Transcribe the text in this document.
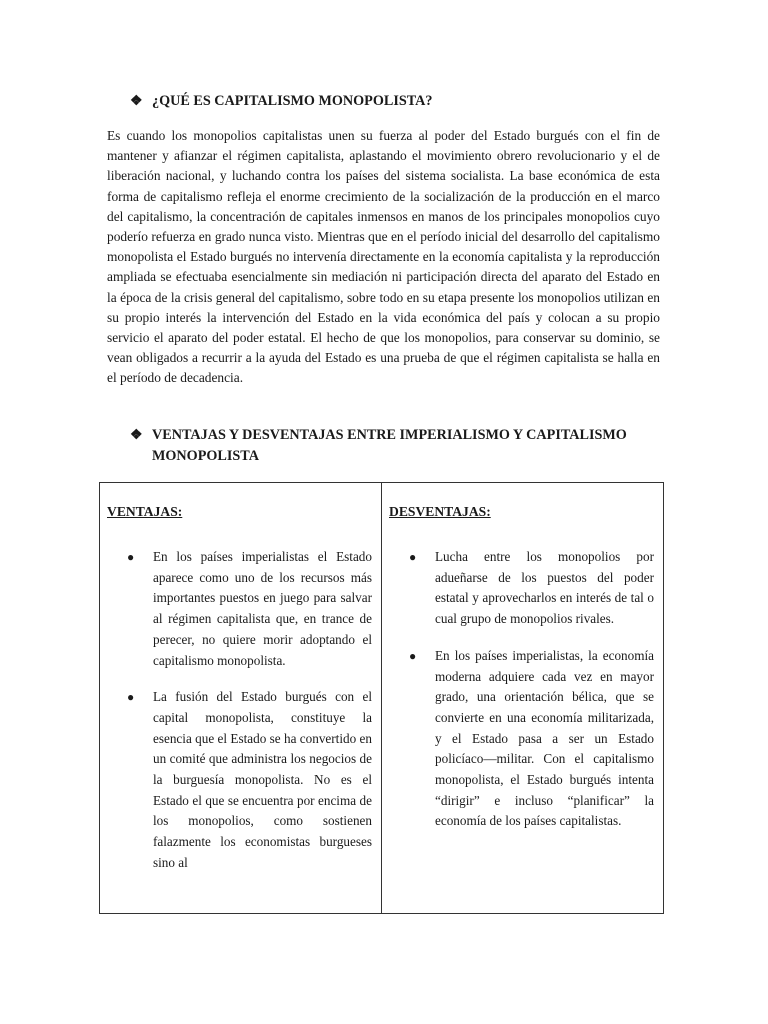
❖ ¿QUÉ ES CAPITALISMO MONOPOLISTA?

Es cuando los monopolios capitalistas unen su fuerza al poder del Estado burgués con el fin de mantener y afianzar el régimen capitalista, aplastando el movimiento obrero revolucionario y el de liberación nacional, y luchando contra los países del sistema socialista. La base económica de esta forma de capitalismo refleja el enorme crecimiento de la socialización de la producción en el marco del capitalismo, la concentración de capitales inmensos en manos de los principales monopolios cuyo poderío refuerza en grado nunca visto. Mientras que en el período inicial del desarrollo del capitalismo monopolista el Estado burgués no intervenía directamente en la economía capitalista y la reproducción ampliada se efectuaba esencialmente sin mediación ni participación directa del aparato del Estado en la época de la crisis general del capitalismo, sobre todo en su etapa presente los monopolios utilizan en su propio interés la intervención del Estado en la vida económica del país y colocan a su propio servicio el aparato del poder estatal. El hecho de que los monopolios, para conservar su dominio, se vean obligados a recurrir a la ayuda del Estado es una prueba de que el régimen capitalista se halla en el período de decadencia.

❖ VENTAJAS Y DESVENTAJAS ENTRE IMPERIALISMO Y CAPITALISMO MONOPOLISTA
VENTAJAS:
● En los países imperialistas el Estado aparece como uno de los recursos más importantes puestos en juego para salvar al régimen capitalista que, en trance de perecer, no quiere morir adoptando el capitalismo monopolista.
● La fusión del Estado burgués con el capital monopolista, constituye la esencia que el Estado se ha convertido en un comité que administra los negocios de la burguesía monopolista. No es el Estado el que se encuentra por encima de los monopolios, como sostienen falazmente los economistas burgueses sino al
DESVENTAJAS:
● Lucha entre los monopolios por adueñarse de los puestos del poder estatal y aprovecharlos en interés de tal o cual grupo de monopolios rivales.
● En los países imperialistas, la economía moderna adquiere cada vez en mayor grado, una orientación bélica, que se convierte en una economía militarizada, y el Estado pasa a ser un Estado policíaco—militar. Con el capitalismo monopolista, el Estado burgués intenta “dirigir” e incluso “planificar” la economía de los países capitalistas.
